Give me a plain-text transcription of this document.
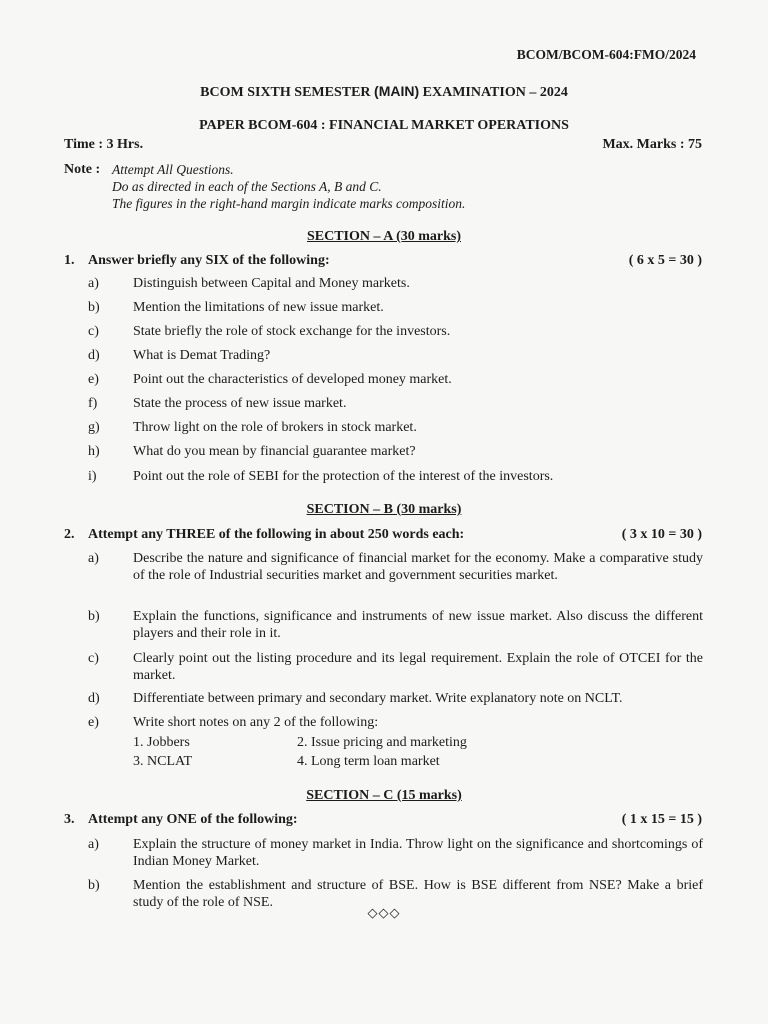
BCOM/BCOM-604:FMO/2024
BCOM SIXTH SEMESTER (MAIN) EXAMINATION – 2024
PAPER BCOM-604 : FINANCIAL MARKET OPERATIONS
Time : 3 Hrs.	Max. Marks : 75
Note : Attempt All Questions.
Do as directed in each of the Sections A, B and C.
The figures in the right-hand margin indicate marks composition.
SECTION – A (30 marks)
1. Answer briefly any SIX of the following:	( 6 x 5 = 30 )
a) Distinguish between Capital and Money markets.
b) Mention the limitations of new issue market.
c) State briefly the role of stock exchange for the investors.
d) What is Demat Trading?
e) Point out the characteristics of developed money market.
f)	State the process of new issue market.
g) Throw light on the role of brokers in stock market.
h) What do you mean by financial guarantee market?
i)	Point out the role of SEBI for the protection of the interest of the investors.
SECTION – B (30 marks)
2. Attempt any THREE of the following in about 250 words each:	( 3 x 10 = 30 )
a) Describe the nature and significance of financial market for the economy. Make a comparative study of the role of Industrial securities market and government securities market.
b) Explain the functions, significance and instruments of new issue market. Also discuss the different players and their role in it.
c) Clearly point out the listing procedure and its legal requirement. Explain the role of OTCEI for the market.
d) Differentiate between primary and secondary market. Write explanatory note on NCLT.
e) Write short notes on any 2 of the following:
1. Jobbers	2. Issue pricing and marketing
3. NCLAT	4. Long term loan market
SECTION – C (15 marks)
3. Attempt any ONE of the following:	( 1 x 15 = 15 )
a) Explain the structure of money market in India. Throw light on the significance and shortcomings of Indian Money Market.
b) Mention the establishment and structure of BSE. How is BSE different from NSE? Make a brief study of the role of NSE.
◇◇◇
